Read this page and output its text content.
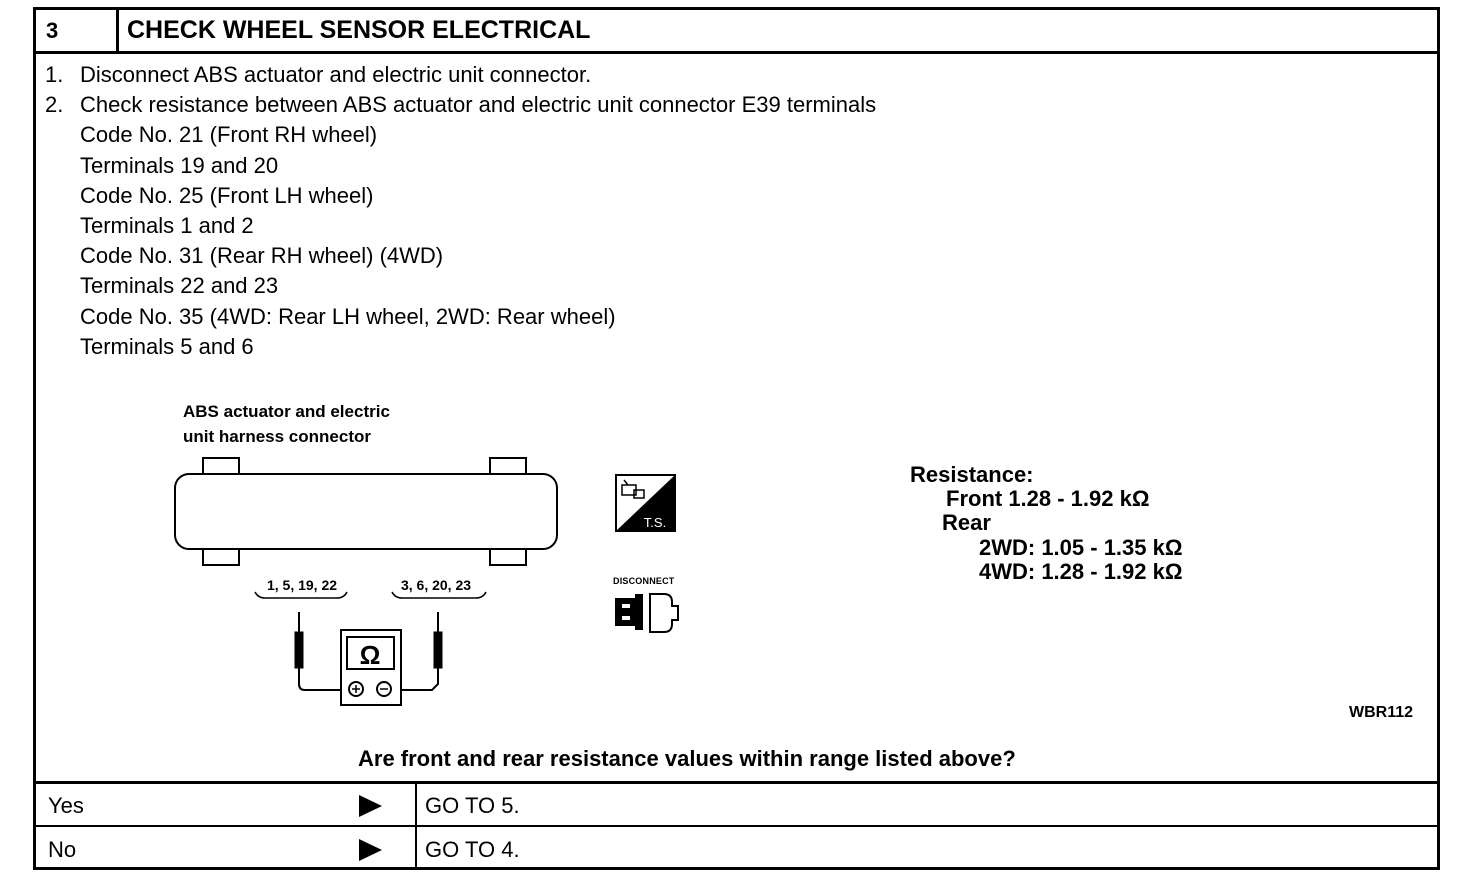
3	CHECK WHEEL SENSOR ELECTRICAL
1. Disconnect ABS actuator and electric unit connector.
2. Check resistance between ABS actuator and electric unit connector E39 terminals
Code No. 21 (Front RH wheel)
Terminals 19 and 20
Code No. 25 (Front LH wheel)
Terminals 1 and 2
Code No. 31 (Rear RH wheel) (4WD)
Terminals 22 and 23
Code No. 35 (4WD: Rear LH wheel, 2WD: Rear wheel)
Terminals 5 and 6
ABS actuator and electric
unit harness connector
Ω
1, 5, 19, 22	3, 6, 20, 23
T.S.
DISCONNECT
Resistance:
Front 1.28 - 1.92 kΩ
Rear
2WD: 1.05 - 1.35 kΩ
4WD: 1.28 - 1.92 kΩ
WBR112
Are front and rear resistance values within range listed above?
Yes	GO TO 5.
No	GO TO 4.
